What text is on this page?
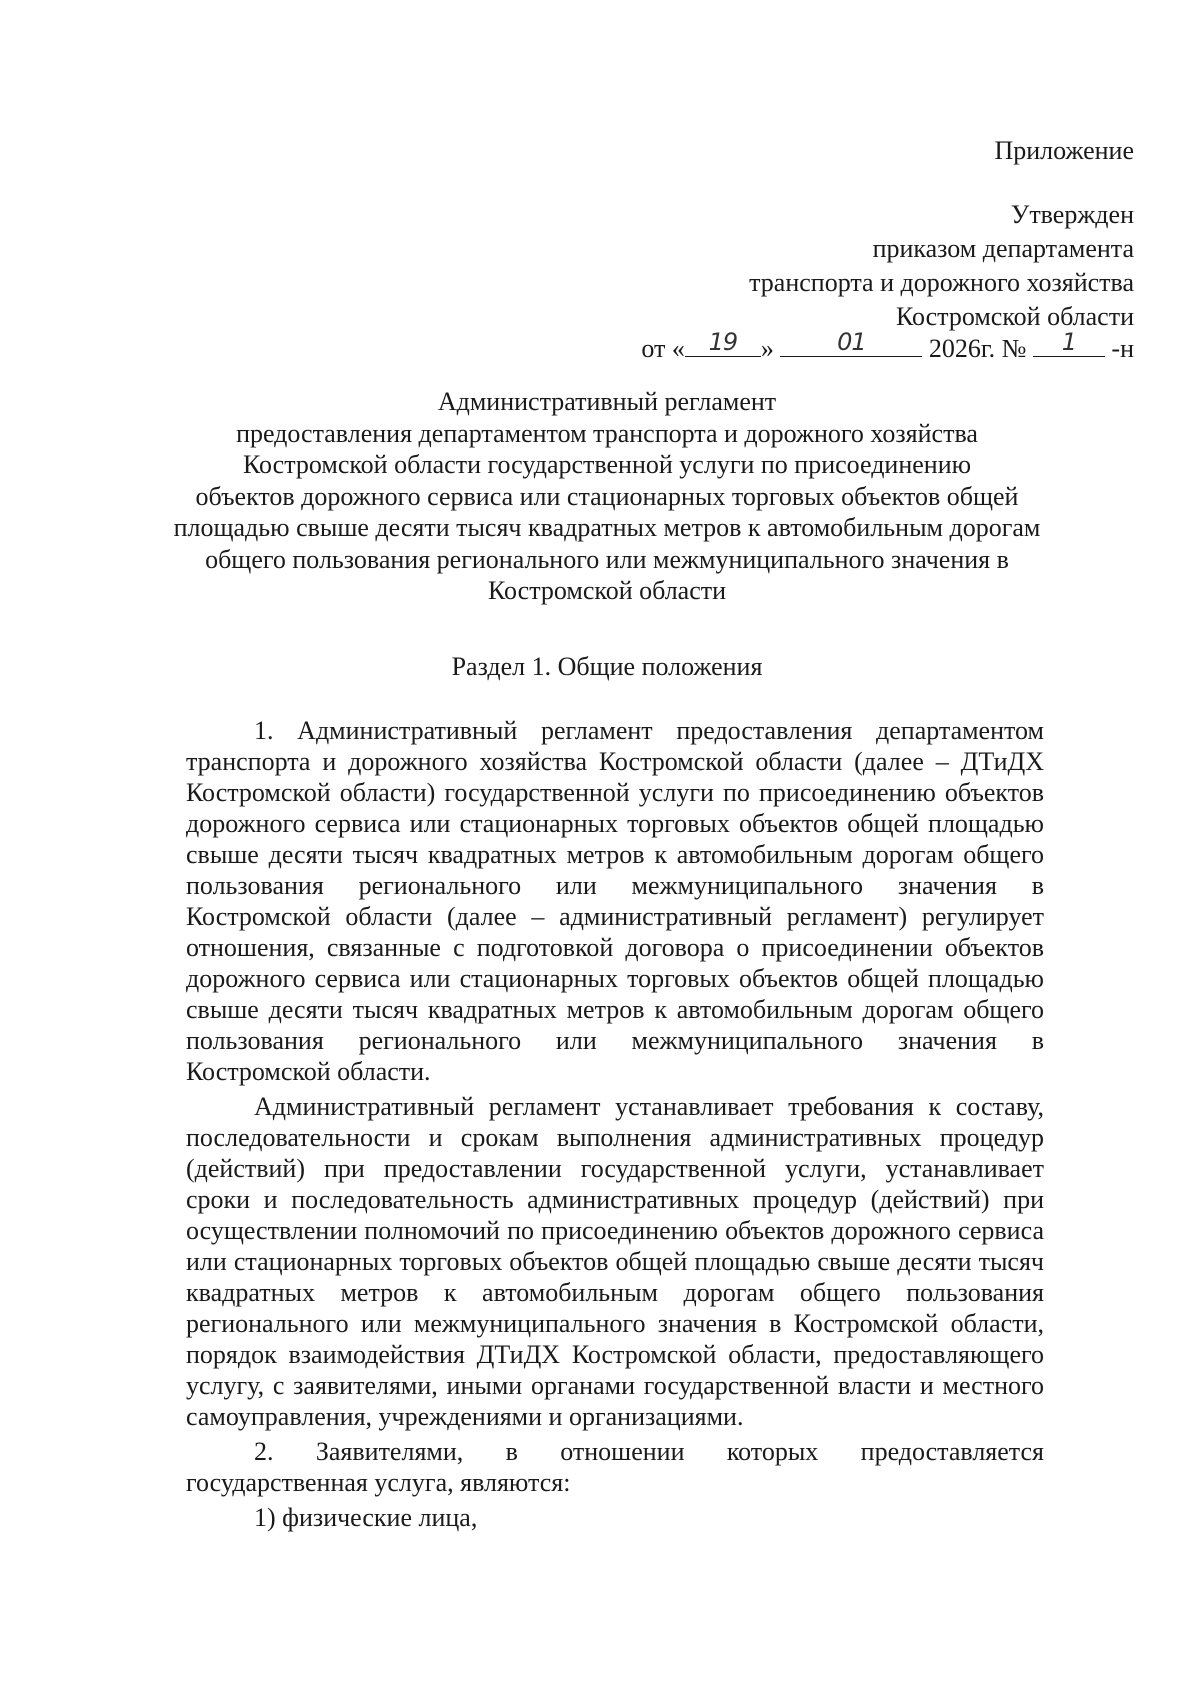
Приложение
Утвержден
приказом департамента
транспорта и дорожного хозяйства
Костромской области
от « 19 »	01	2026г. №	1	-н
Административный регламент
предоставления департаментом транспорта и дорожного хозяйства
Костромской области государственной услуги по присоединению
объектов дорожного сервиса или стационарных торговых объектов общей
площадью свыше десяти тысяч квадратных метров к автомобильным дорогам
общего пользования регионального или межмуниципального значения в
Костромской области
Раздел 1. Общие положения

1. Административный регламент предоставления департаментом транспорта и дорожного хозяйства Костромской области (далее – ДТиДХ Костромской области) государственной услуги по присоединению объектов дорожного сервиса или стационарных торговых объектов общей площадью свыше десяти тысяч квадратных метров к автомобильным дорогам общего пользования регионального или межмуниципального значения в Костромской области (далее – административный регламент) регулирует отношения, связанные с подготовкой договора о присоединении объектов дорожного сервиса или стационарных торговых объектов общей площадью свыше десяти тысяч квадратных метров к автомобильным дорогам общего пользования регионального или межмуниципального значения в Костромской области.

Административный регламент устанавливает требования к составу, последовательности и срокам выполнения административных процедур (действий) при предоставлении государственной услуги, устанавливает сроки и последовательность административных процедур (действий) при осуществлении полномочий по присоединению объектов дорожного сервиса или стационарных торговых объектов общей площадью свыше десяти тысяч квадратных метров к автомобильным дорогам общего пользования регионального или межмуниципального значения в Костромской области, порядок взаимодействия ДТиДХ Костромской области, предоставляющего услугу, с заявителями, иными органами государственной власти и местного самоуправления, учреждениями и организациями.

2. Заявителями, в отношении которых предоставляется государственная услуга, являются:

1) физические лица,
